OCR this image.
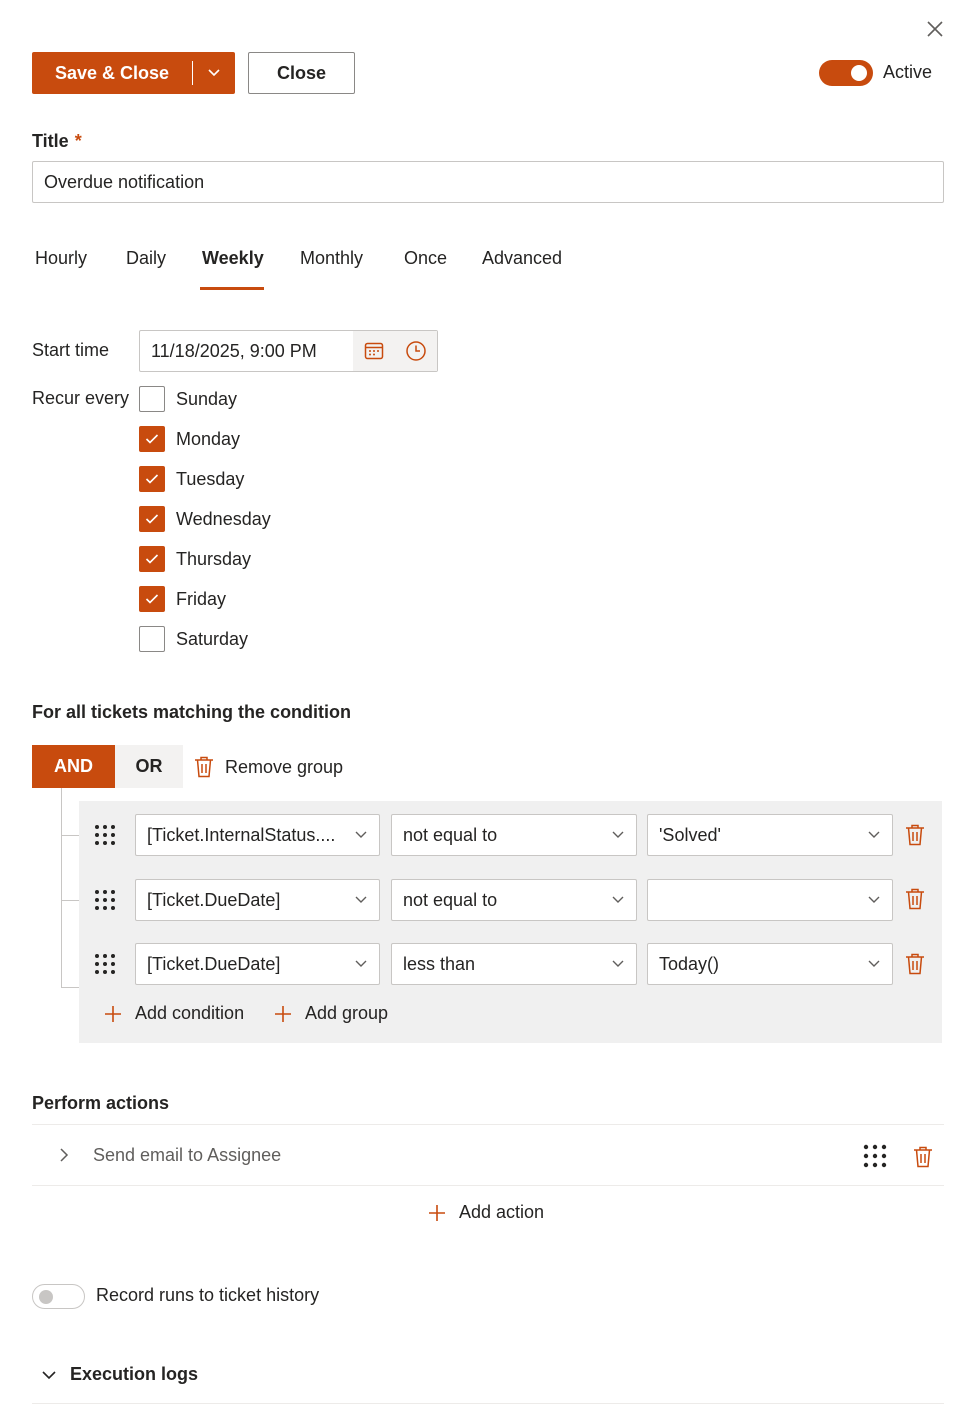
Save & Close	Close	Active
Title *
Overdue notification
Hourly Daily Weekly Monthly Once Advanced
Start time	11/18/2025, 9:00 PM
Recur every	Sunday
Monday
Tuesday
Wednesday
Thursday
Friday
Saturday
For all tickets matching the condition
AND	OR	Remove group
[Ticket.InternalStatus....	not equal to	'Solved'
[Ticket.DueDate]	not equal to
[Ticket.DueDate]	less than	Today()
Add condition	Add group
Perform actions
Send email to Assignee
Add action
Record runs to ticket history
Execution logs
